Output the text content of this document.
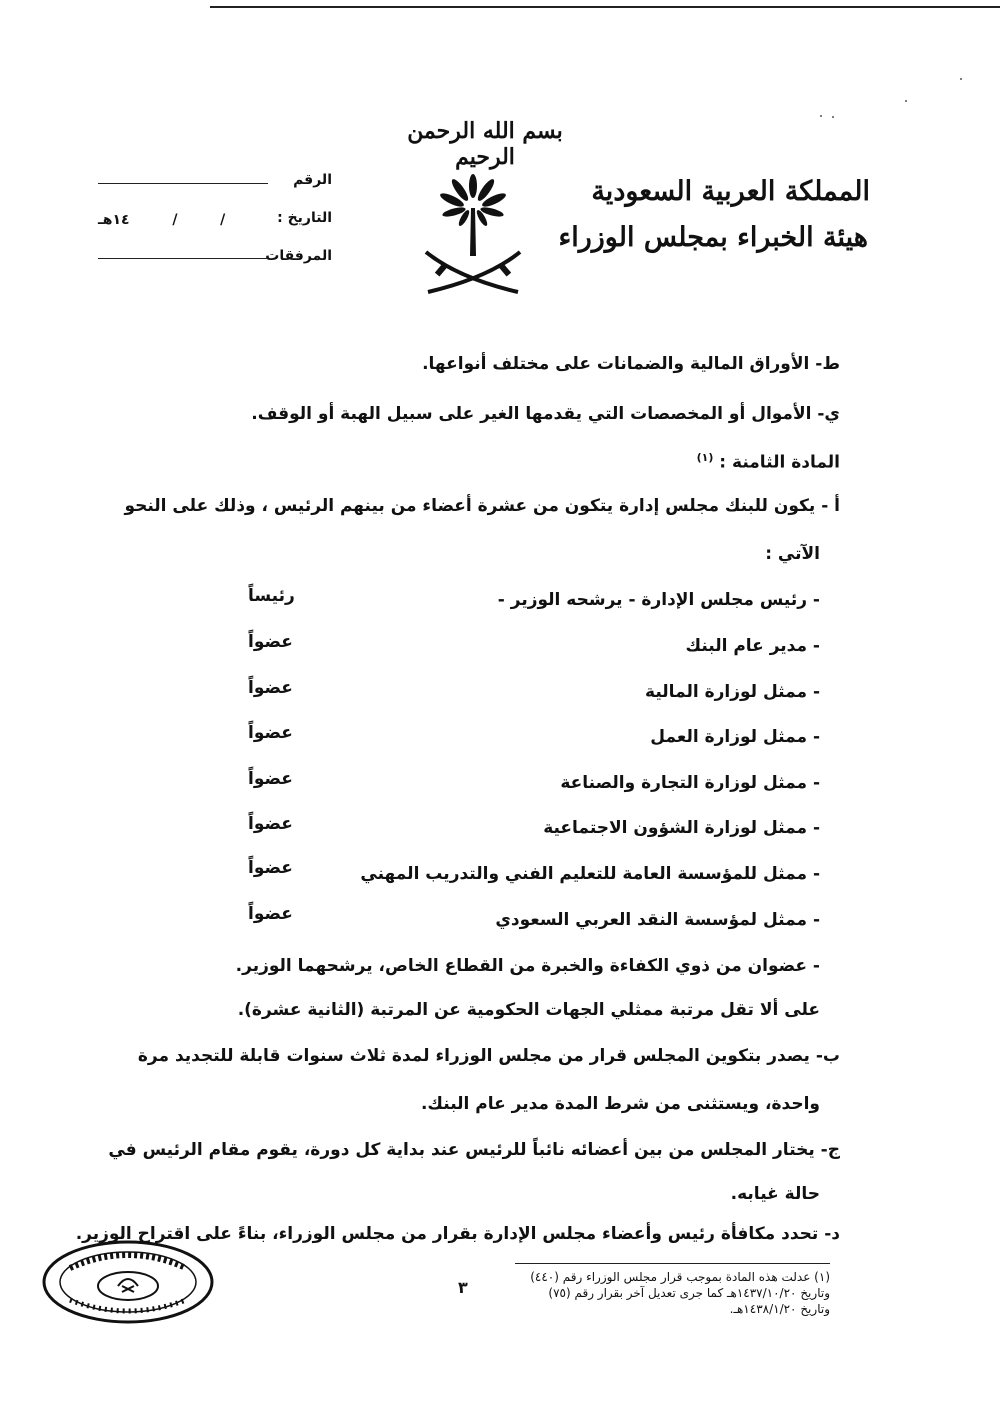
بسم الله الرحمن الرحيم
المملكة العربية السعودية
هيئة الخبراء بمجلس الوزراء
الرقم
التاريخ :
١٤هـ	/	/
المرفقات
ط- الأوراق المالية والضمانات على مختلف أنواعها.
ي- الأموال أو المخصصات التي يقدمها الغير على سبيل الهبة أو الوقف.
المادة الثامنة : $^{(١)}$
أ - يكون للبنك مجلس إدارة يتكون من عشرة أعضاء من بينهم الرئيس ، وذلك على النحو
الآتي :
- رئيس مجلس الإدارة - يرشحه الوزير -
رئيساً
- مدير عام البنك
عضواً
- ممثل لوزارة المالية
عضواً
- ممثل لوزارة العمل
عضواً
- ممثل لوزارة التجارة والصناعة
عضواً
- ممثل لوزارة الشؤون الاجتماعية
عضواً
- ممثل للمؤسسة العامة للتعليم الفني والتدريب المهني
عضواً
- ممثل لمؤسسة النقد العربي السعودي
عضواً
- عضوان من ذوي الكفاءة والخبرة من القطاع الخاص، يرشحهما الوزير.
على ألا تقل مرتبة ممثلي الجهات الحكومية عن المرتبة (الثانية عشرة).
ب- يصدر بتكوين المجلس قرار من مجلس الوزراء لمدة ثلاث سنوات قابلة للتجديد مرة
واحدة، ويستثنى من شرط المدة مدير عام البنك.
ج- يختار المجلس من بين أعضائه نائباً للرئيس عند بداية كل دورة، يقوم مقام الرئيس في
حالة غيابه.
د- تحدد مكافأة رئيس وأعضاء مجلس الإدارة بقرار من مجلس الوزراء، بناءً على اقتراح الوزير.
(١) عدلت هذه المادة بموجب قرار مجلس الوزراء رقم (٤٤٠)
وتاريخ ١٤٣٧/١٠/٢٠هـ كما جرى تعديل آخر بقرار رقم (٧٥)
وتاريخ ١٤٣٨/١/٢٠هـ.
٣
